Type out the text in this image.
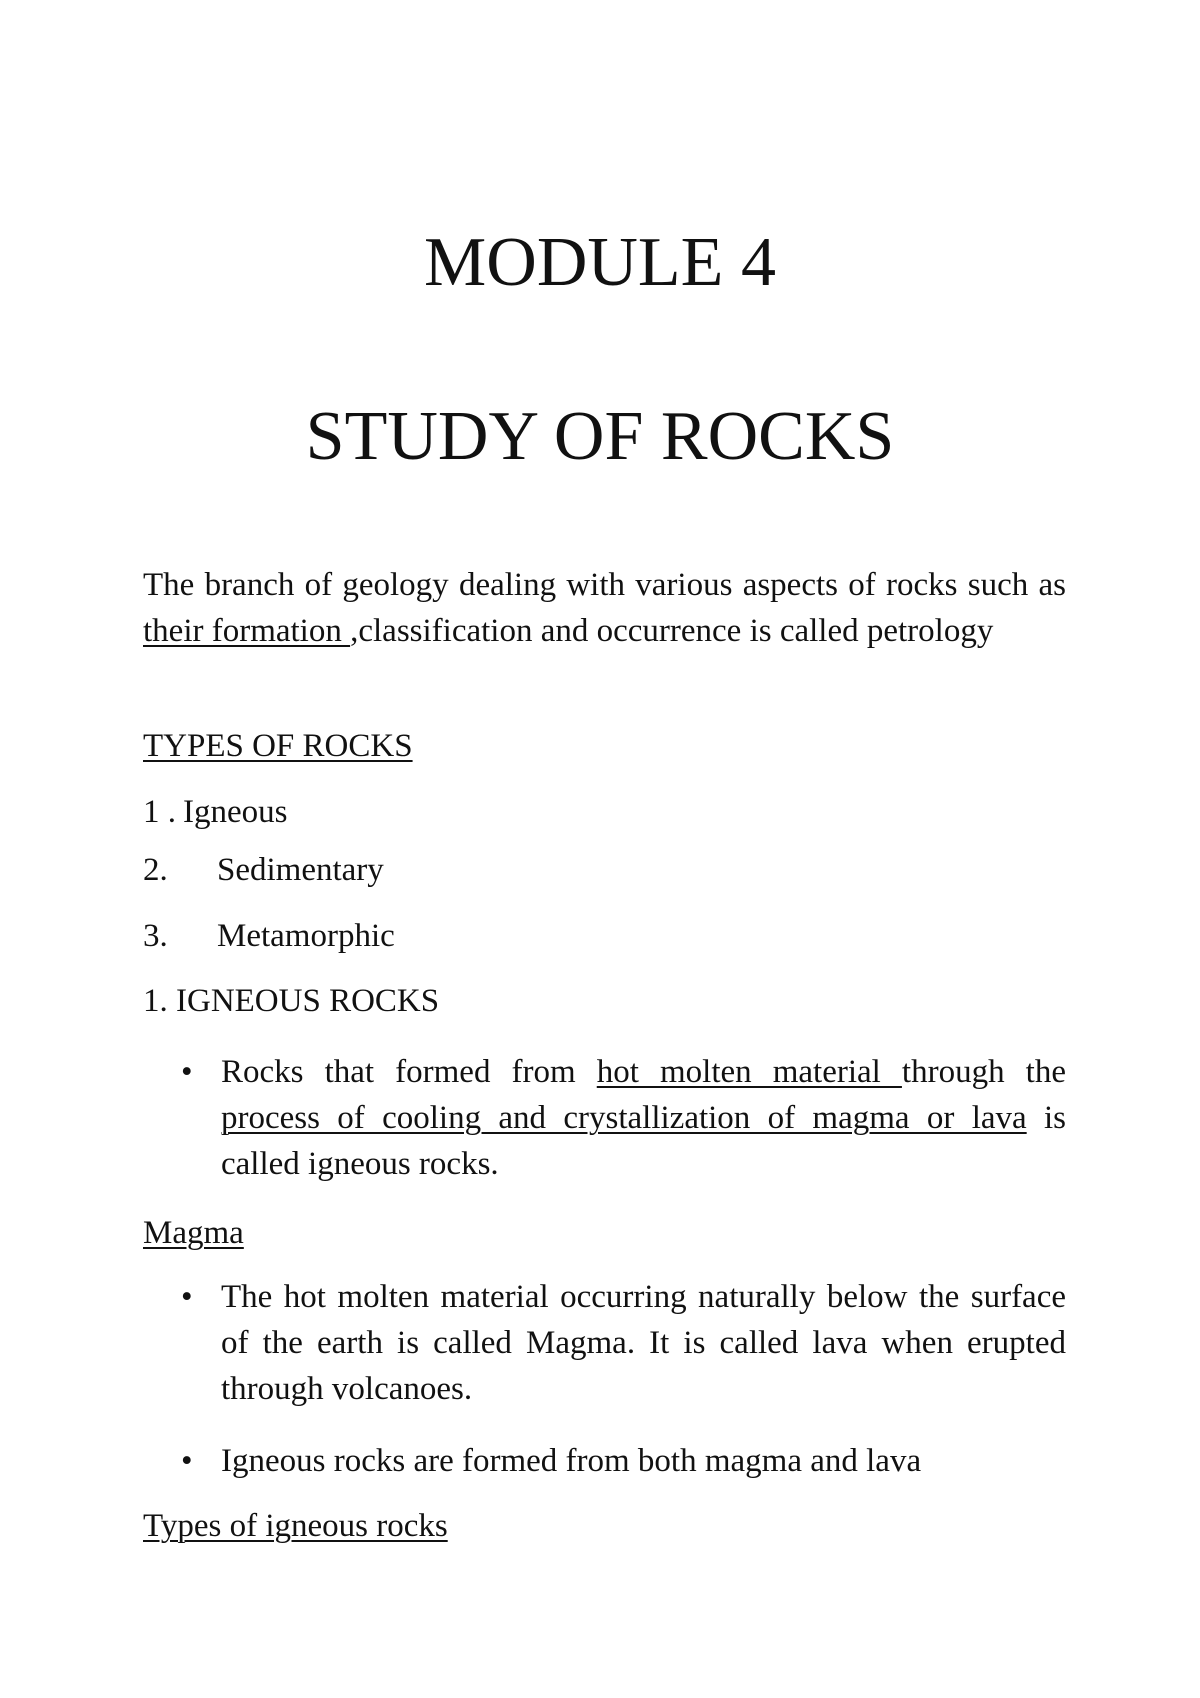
MODULE 4
STUDY OF ROCKS

The branch of geology dealing with various aspects of rocks such as their formation ,classification and occurrence is called petrology

TYPES OF ROCKS

1 . Igneous

2. Sedimentary

3. Metamorphic

1. IGNEOUS ROCKS

• Rocks that formed from hot molten material through the process of cooling and crystallization of magma or lava is called igneous rocks.

Magma

• The hot molten material occurring naturally below the surface of the earth is called Magma. It is called lava when erupted through volcanoes.
• Igneous rocks are formed from both magma and lava

Types of igneous rocks
